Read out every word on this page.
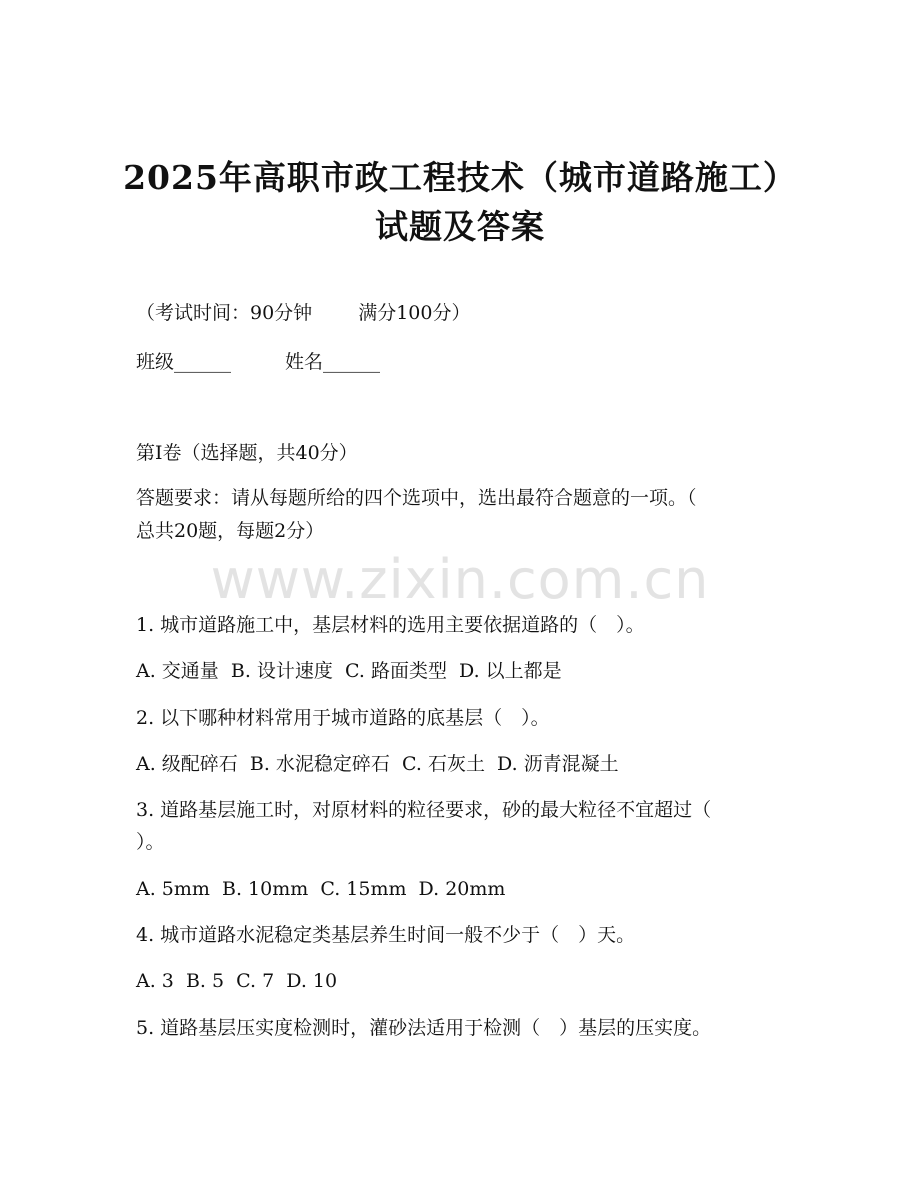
2025年高职市政工程技术（城市道路施工）
试题及答案
（考试时间：90分钟 满分100分）
班级______	姓名______
第Ⅰ卷（选择题，共40分）
答题要求：请从每题所给的四个选项中，选出最符合题意的一项。（
总共20题，每题2分）
www.zixin.com.cn
1. 城市道路施工中，基层材料的选用主要依据道路的（　）。
A. 交通量  B. 设计速度  C. 路面类型  D. 以上都是
2. 以下哪种材料常用于城市道路的底基层（　）。
A. 级配碎石  B. 水泥稳定碎石  C. 石灰土  D. 沥青混凝土
3. 道路基层施工时，对原材料的粒径要求，砂的最大粒径不宜超过（
）。
A. 5mm  B. 10mm  C. 15mm  D. 20mm
4. 城市道路水泥稳定类基层养生时间一般不少于（　）天。
A. 3  B. 5  C. 7  D. 10
5. 道路基层压实度检测时，灌砂法适用于检测（　）基层的压实度。
